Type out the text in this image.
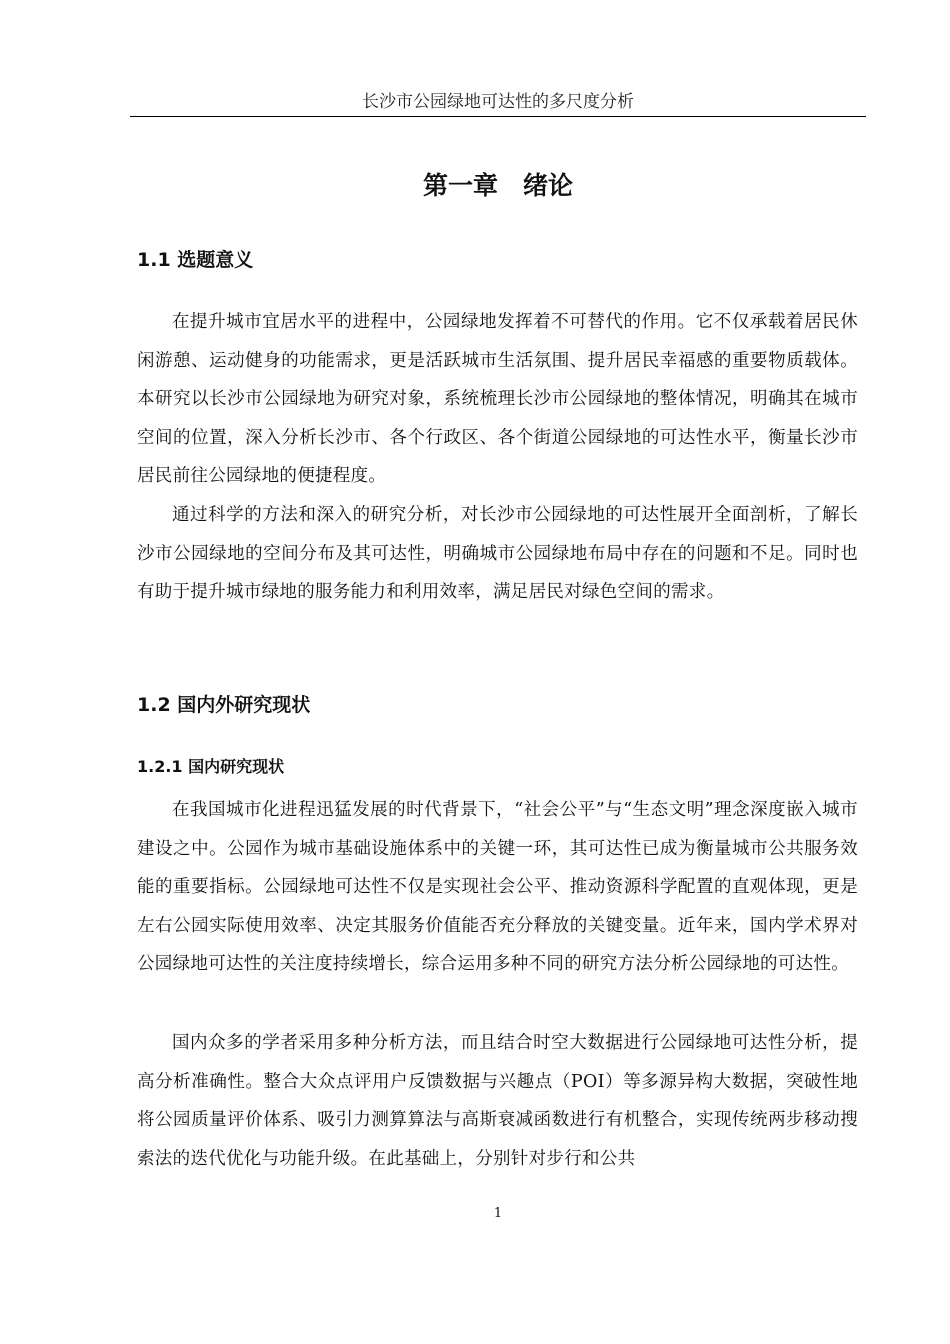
长沙市公园绿地可达性的多尺度分析
第一章　绪论
1.1 选题意义

在提升城市宜居水平的进程中，公园绿地发挥着不可替代的作用。它不仅承载着居民休闲游憩、运动健身的功能需求，更是活跃城市生活氛围、提升居民幸福感的重要物质载体。本研究以长沙市公园绿地为研究对象，系统梳理长沙市公园绿地的整体情况，明确其在城市空间的位置，深入分析长沙市、各个行政区、各个街道公园绿地的可达性水平，衡量长沙市居民前往公园绿地的便捷程度。

通过科学的方法和深入的研究分析，对长沙市公园绿地的可达性展开全面剖析，了解长沙市公园绿地的空间分布及其可达性，明确城市公园绿地布局中存在的问题和不足。同时也有助于提升城市绿地的服务能力和利用效率，满足居民对绿色空间的需求。

1.2 国内外研究现状
1.2.1 国内研究现状

在我国城市化进程迅猛发展的时代背景下，“社会公平”与“生态文明”理念深度嵌入城市建设之中。公园作为城市基础设施体系中的关键一环，其可达性已成为衡量城市公共服务效能的重要指标。公园绿地可达性不仅是实现社会公平、推动资源科学配置的直观体现，更是左右公园实际使用效率、决定其服务价值能否充分释放的关键变量。近年来，国内学术界对公园绿地可达性的关注度持续增长，综合运用多种不同的研究方法分析公园绿地的可达性。

国内众多的学者采用多种分析方法，而且结合时空大数据进行公园绿地可达性分析，提高分析准确性。整合大众点评用户反馈数据与兴趣点（POI）等多源异构大数据，突破性地将公园质量评价体系、吸引力测算算法与高斯衰减函数进行有机整合，实现传统两步移动搜索法的迭代优化与功能升级。在此基础上，分别针对步行和公共

1
